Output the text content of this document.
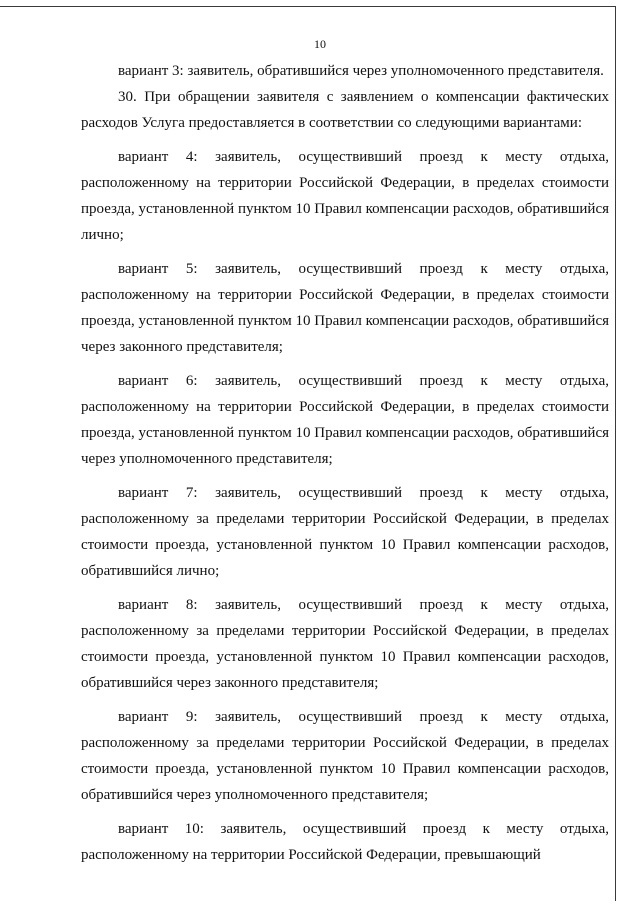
10

вариант 3: заявитель, обратившийся через уполномоченного представителя.

30. При обращении заявителя с заявлением о компенсации фактических расходов Услуга предоставляется в соответствии со следующими вариантами:

вариант 4: заявитель, осуществивший проезд к месту отдыха, расположенному на территории Российской Федерации, в пределах стоимости проезда, установленной пунктом 10 Правил компенсации расходов, обратившийся лично;

вариант 5: заявитель, осуществивший проезд к месту отдыха, расположенному на территории Российской Федерации, в пределах стоимости проезда, установленной пунктом 10 Правил компенсации расходов, обратившийся через законного представителя;

вариант 6: заявитель, осуществивший проезд к месту отдыха, расположенному на территории Российской Федерации, в пределах стоимости проезда, установленной пунктом 10 Правил компенсации расходов, обратившийся через уполномоченного представителя;

вариант 7: заявитель, осуществивший проезд к месту отдыха, расположенному за пределами территории Российской Федерации, в пределах стоимости проезда, установленной пунктом 10 Правил компенсации расходов, обратившийся лично;

вариант 8: заявитель, осуществивший проезд к месту отдыха, расположенному за пределами территории Российской Федерации, в пределах стоимости проезда, установленной пунктом 10 Правил компенсации расходов, обратившийся через законного представителя;

вариант 9: заявитель, осуществивший проезд к месту отдыха, расположенному за пределами территории Российской Федерации, в пределах стоимости проезда, установленной пунктом 10 Правил компенсации расходов, обратившийся через уполномоченного представителя;

вариант 10: заявитель, осуществивший проезд к месту отдыха, расположенному на территории Российской Федерации, превышающий
